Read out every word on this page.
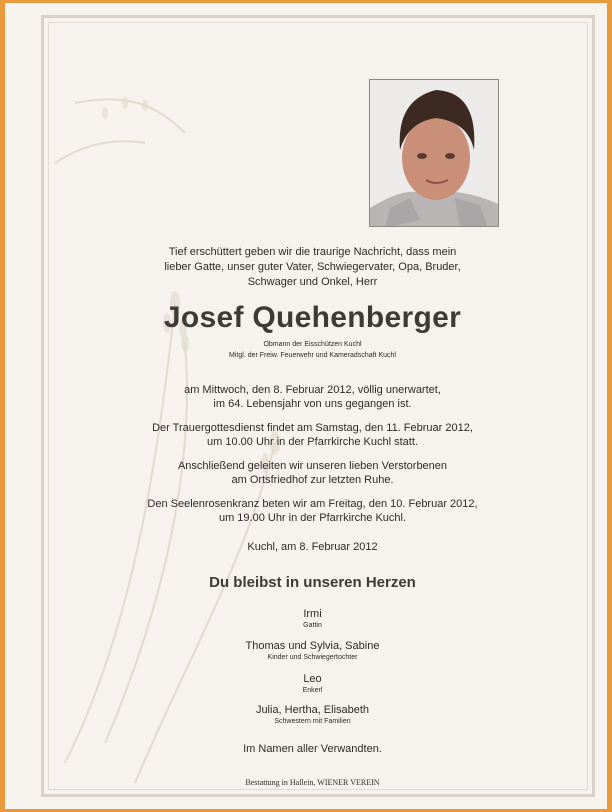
Tief erschüttert geben wir die traurige Nachricht, dass mein
lieber Gatte, unser guter Vater, Schwiegervater, Opa, Bruder,
Schwager und Onkel, Herr
Josef Quehenberger
Obmann der Eisschützen Kuchl
Mitgl. der Freiw. Feuerwehr und Kameradschaft Kuchl
am Mittwoch, den 8. Februar 2012, völlig unerwartet,
im 64. Lebensjahr von uns gegangen ist.
Der Trauergottesdienst findet am Samstag, den 11. Februar 2012,
um 10.00 Uhr in der Pfarrkirche Kuchl statt.
Anschließend geleiten wir unseren lieben Verstorbenen
am Ortsfriedhof zur letzten Ruhe.
Den Seelenrosenkranz beten wir am Freitag, den 10. Februar 2012,
um 19.00 Uhr in der Pfarrkirche Kuchl.
Kuchl, am 8. Februar 2012
Du bleibst in unseren Herzen
Irmi
Gattin
Thomas und Sylvia, Sabine
Kinder und Schwiegertochter
Leo
Enkerl
Julia, Hertha, Elisabeth
Schwestern mit Familien
Im Namen aller Verwandten.
Bestattung in Hallein, WIENER VEREIN
